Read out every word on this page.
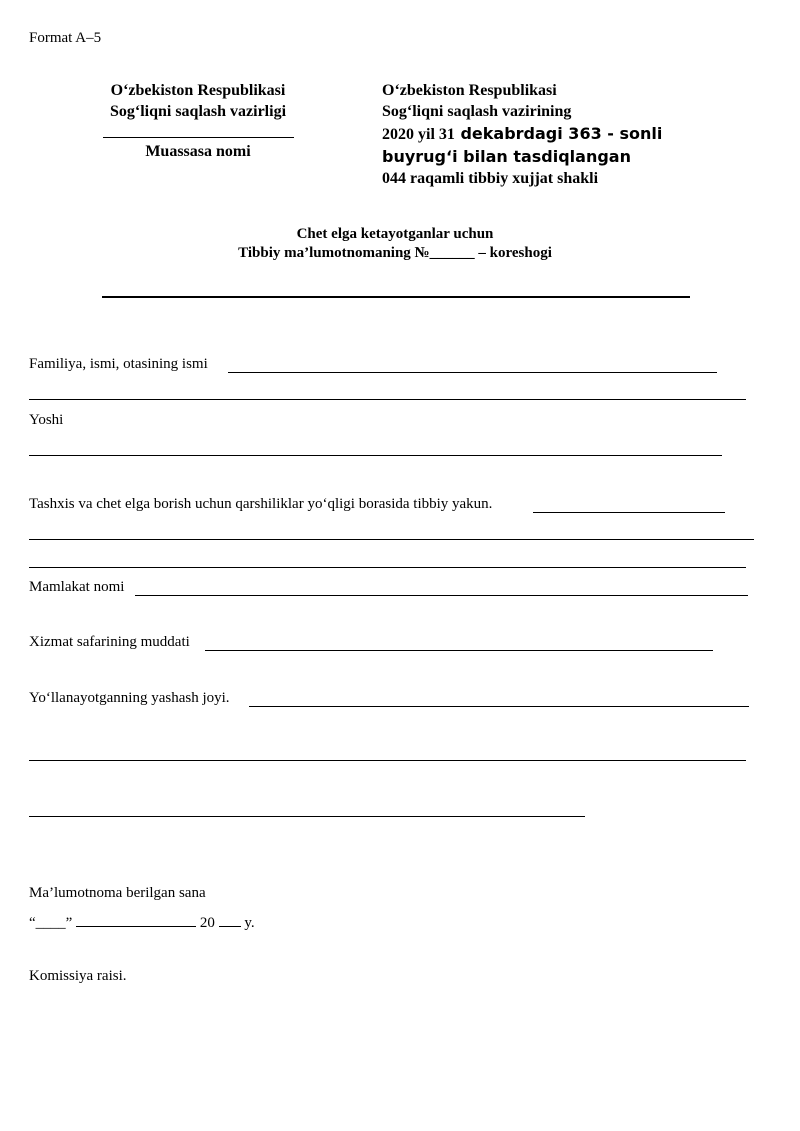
Format A–5
O‘zbekiston Respublikasi
Sog‘liqni saqlash vazirligi
Muassasa nomi
O‘zbekiston Respublikasi
Sog‘liqni saqlash vazirining
2020 yil 31 dekabrdagi 363 - sonli
buyrug‘i bilan tasdiqlangan
044 raqamli tibbiy xujjat shakli
Chet elga ketayotganlar uchun
Tibbiy ma’lumotnomaning №______ – koreshogi
Familiya, ismi, otasining ismi
Yoshi
Tashxis va chet elga borish uchun qarshiliklar yo‘qligi borasida tibbiy yakun.
Mamlakat nomi
Xizmat safarining muddati
Yo‘llanayotganning yashash joyi.
Ma’lumotnoma berilgan sana
“____”	20 y.
Komissiya raisi.
